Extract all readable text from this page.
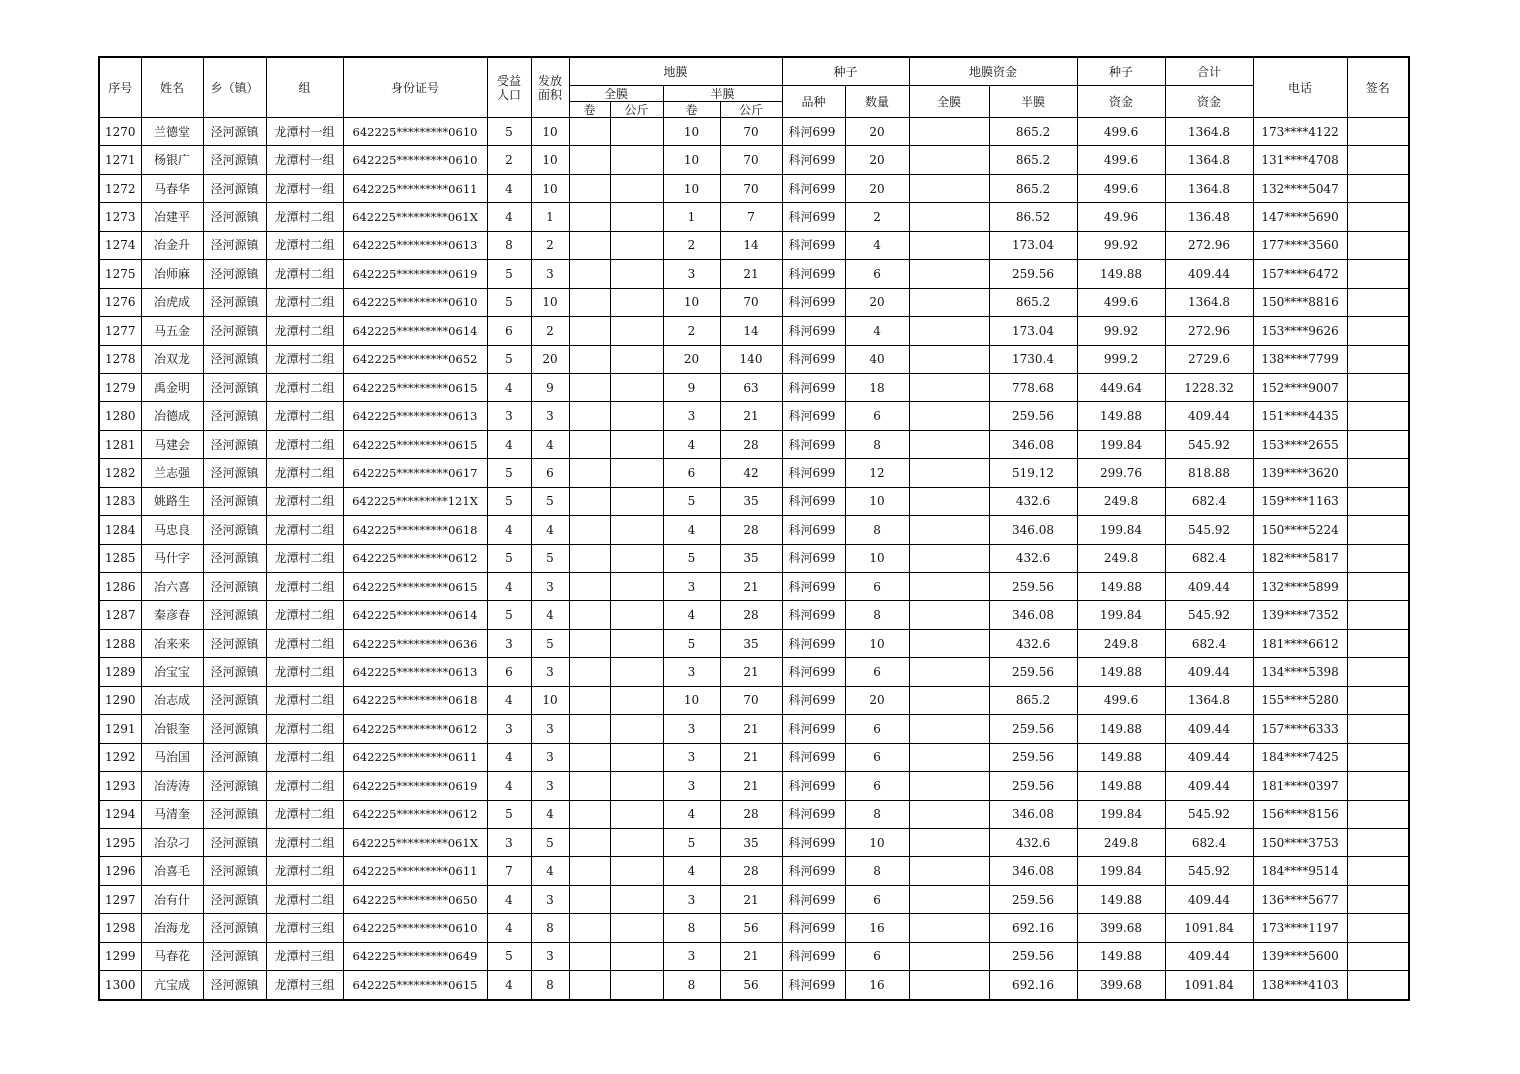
序号	姓名	乡（镇）	组	身份证号	受益人口	发放面积	地膜				种子		地膜资金		种子	合计	电话	签名
							全膜		半膜		品种	数量	全膜	半膜	资金	资金		
							卷	公斤	卷	公斤								
1270	兰德堂	泾河源镇	龙潭村一组	642225*********0610	5	10			10	70	科河699	20		865.2	499.6	1364.8	173****4122	
1271	杨银广	泾河源镇	龙潭村一组	642225*********0610	2	10			10	70	科河699	20		865.2	499.6	1364.8	131****4708	
1272	马春华	泾河源镇	龙潭村一组	642225*********0611	4	10			10	70	科河699	20		865.2	499.6	1364.8	132****5047	
1273	冶建平	泾河源镇	龙潭村二组	642225*********061X	4	1			1	7	科河699	2		86.52	49.96	136.48	147****5690	
1274	冶金升	泾河源镇	龙潭村二组	642225*********0613	8	2			2	14	科河699	4		173.04	99.92	272.96	177****3560	
1275	冶师麻	泾河源镇	龙潭村二组	642225*********0619	5	3			3	21	科河699	6		259.56	149.88	409.44	157****6472	
1276	冶虎成	泾河源镇	龙潭村二组	642225*********0610	5	10			10	70	科河699	20		865.2	499.6	1364.8	150****8816	
1277	马五金	泾河源镇	龙潭村二组	642225*********0614	6	2			2	14	科河699	4		173.04	99.92	272.96	153****9626	
1278	冶双龙	泾河源镇	龙潭村二组	642225*********0652	5	20			20	140	科河699	40		1730.4	999.2	2729.6	138****7799	
1279	禹金明	泾河源镇	龙潭村二组	642225*********0615	4	9			9	63	科河699	18		778.68	449.64	1228.32	152****9007	
1280	冶德成	泾河源镇	龙潭村二组	642225*********0613	3	3			3	21	科河699	6		259.56	149.88	409.44	151****4435	
1281	马建会	泾河源镇	龙潭村二组	642225*********0615	4	4			4	28	科河699	8		346.08	199.84	545.92	153****2655	
1282	兰志强	泾河源镇	龙潭村二组	642225*********0617	5	6			6	42	科河699	12		519.12	299.76	818.88	139****3620	
1283	姚路生	泾河源镇	龙潭村二组	642225*********121X	5	5			5	35	科河699	10		432.6	249.8	682.4	159****1163	
1284	马忠良	泾河源镇	龙潭村二组	642225*********0618	4	4			4	28	科河699	8		346.08	199.84	545.92	150****5224	
1285	马什字	泾河源镇	龙潭村二组	642225*********0612	5	5			5	35	科河699	10		432.6	249.8	682.4	182****5817	
1286	冶六喜	泾河源镇	龙潭村二组	642225*********0615	4	3			3	21	科河699	6		259.56	149.88	409.44	132****5899	
1287	秦彦春	泾河源镇	龙潭村二组	642225*********0614	5	4			4	28	科河699	8		346.08	199.84	545.92	139****7352	
1288	冶来来	泾河源镇	龙潭村二组	642225*********0636	3	5			5	35	科河699	10		432.6	249.8	682.4	181****6612	
1289	冶宝宝	泾河源镇	龙潭村二组	642225*********0613	6	3			3	21	科河699	6		259.56	149.88	409.44	134****5398	
1290	冶志成	泾河源镇	龙潭村二组	642225*********0618	4	10			10	70	科河699	20		865.2	499.6	1364.8	155****5280	
1291	冶银奎	泾河源镇	龙潭村二组	642225*********0612	3	3			3	21	科河699	6		259.56	149.88	409.44	157****6333	
1292	马治国	泾河源镇	龙潭村二组	642225*********0611	4	3			3	21	科河699	6		259.56	149.88	409.44	184****7425	
1293	冶涛涛	泾河源镇	龙潭村二组	642225*********0619	4	3			3	21	科河699	6		259.56	149.88	409.44	181****0397	
1294	马清奎	泾河源镇	龙潭村二组	642225*********0612	5	4			4	28	科河699	8		346.08	199.84	545.92	156****8156	
1295	冶尕刁	泾河源镇	龙潭村二组	642225*********061X	3	5			5	35	科河699	10		432.6	249.8	682.4	150****3753	
1296	冶喜毛	泾河源镇	龙潭村二组	642225*********0611	7	4			4	28	科河699	8		346.08	199.84	545.92	184****9514	
1297	冶有什	泾河源镇	龙潭村二组	642225*********0650	4	3			3	21	科河699	6		259.56	149.88	409.44	136****5677	
1298	冶海龙	泾河源镇	龙潭村三组	642225*********0610	4	8			8	56	科河699	16		692.16	399.68	1091.84	173****1197	
1299	马春花	泾河源镇	龙潭村三组	642225*********0649	5	3			3	21	科河699	6		259.56	149.88	409.44	139****5600	
1300	亢宝成	泾河源镇	龙潭村三组	642225*********0615	4	8			8	56	科河699	16		692.16	399.68	1091.84	138****4103	
